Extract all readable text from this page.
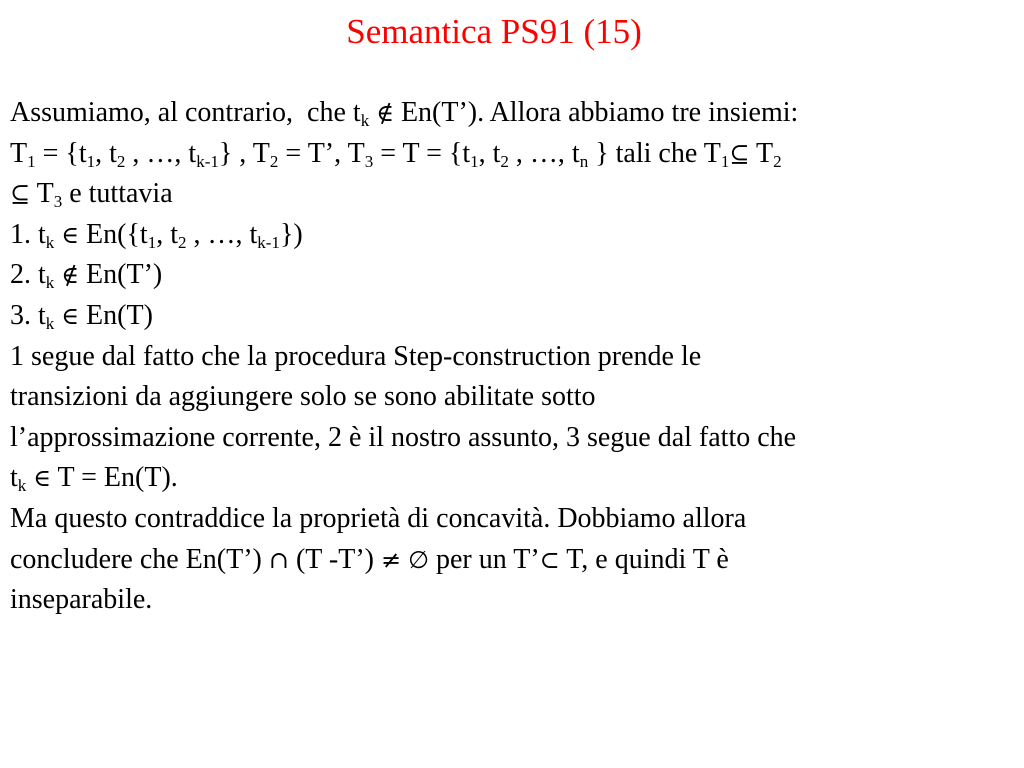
Semantica PS91 (15)
Assumiamo, al contrario,  che $t_k$ ∉ En(T’). Allora abbiamo tre insiemi:
$T_1 = \{t_1$, $t_2$ , …, $t_{k-1}$} , $T_2 = T$’, $T_3 = T = \{t_1$, $t_2$ , …, $t_n$ } tali che $T_1⊆$ $T_2$
⊆ $T_3$ e tuttavia
1. $t_k$ ∈ $En(\{t_1$, $t_2$ , …, $t_{k-1}$})
2. $t_k$ ∉ En(T’)
3. $t_k$ ∈ En(T)
1 segue dal fatto che la procedura Step-construction prende le
transizioni da aggiungere solo se sono abilitate sotto
l’approssimazione corrente, 2 è il nostro assunto, 3 segue dal fatto che
$t_k$ ∈ T = En(T).
Ma questo contraddice la proprietà di concavità. Dobbiamo allora
concludere che En(T’) ∩ (T -T’) ≠ ∅ per un T’⊂ T, e quindi T è
inseparabile.
